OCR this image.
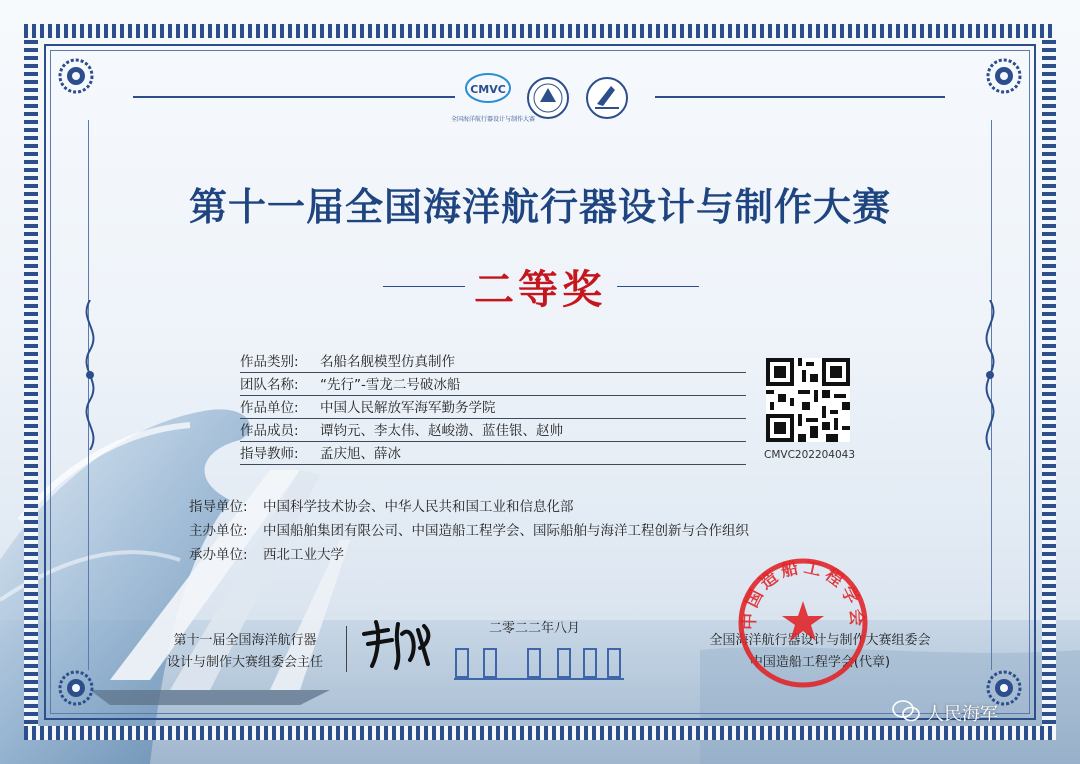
CMVC
全国海洋航行器设计与制作大赛
第十一届全国海洋航行器设计与制作大赛
二等奖
作品类别:	名船名舰模型仿真制作
团队名称:	“先行”-雪龙二号破冰船
作品单位:	中国人民解放军海军勤务学院
作品成员:	谭钧元、李太伟、赵峻渤、蓝佳银、赵帅
指导教师:	孟庆旭、薛冰	CMVC202204043
指导单位: 中国科学技术协会、中华人民共和国工业和信息化部
主办单位: 中国船舶集团有限公司、中国造船工程学会、国际船舶与海洋工程创新与合作组织
承办单位: 西北工业大学
第十一届全国海洋航行器
设计与制作大赛组委会主任
二零二二年八月
全国海洋航行器设计与制作大赛组委会
中国造船工程学会(代章)
中国造船工程学会
人民海军
